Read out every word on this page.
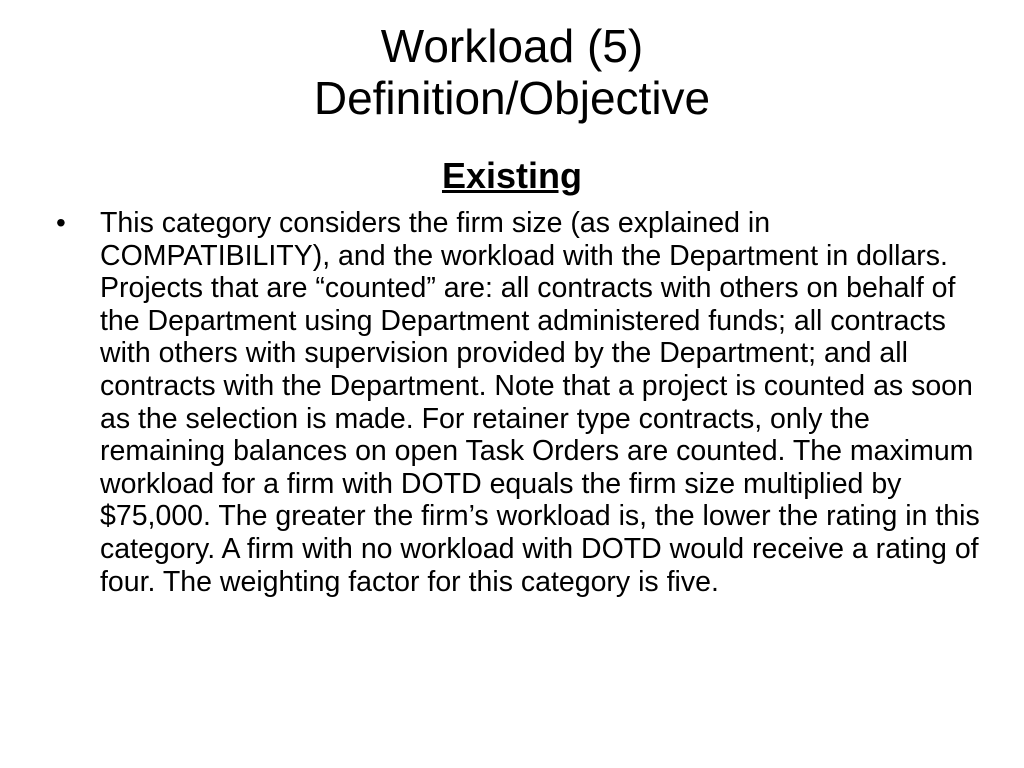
Workload (5)
Definition/Objective
Existing
•	This category considers the firm size (as explained in COMPATIBILITY), and the workload with the Department in dollars. Projects that are “counted” are: all contracts with others on behalf of the Department using Department administered funds; all contracts with others with supervision provided by the Department; and all contracts with the Department. Note that a project is counted as soon as the selection is made. For retainer type contracts, only the remaining balances on open Task Orders are counted. The maximum workload for a firm with DOTD equals the firm size multiplied by $75,000. The greater the firm’s workload is, the lower the rating in this category. A firm with no workload with DOTD would receive a rating of four. The weighting factor for this category is five.
